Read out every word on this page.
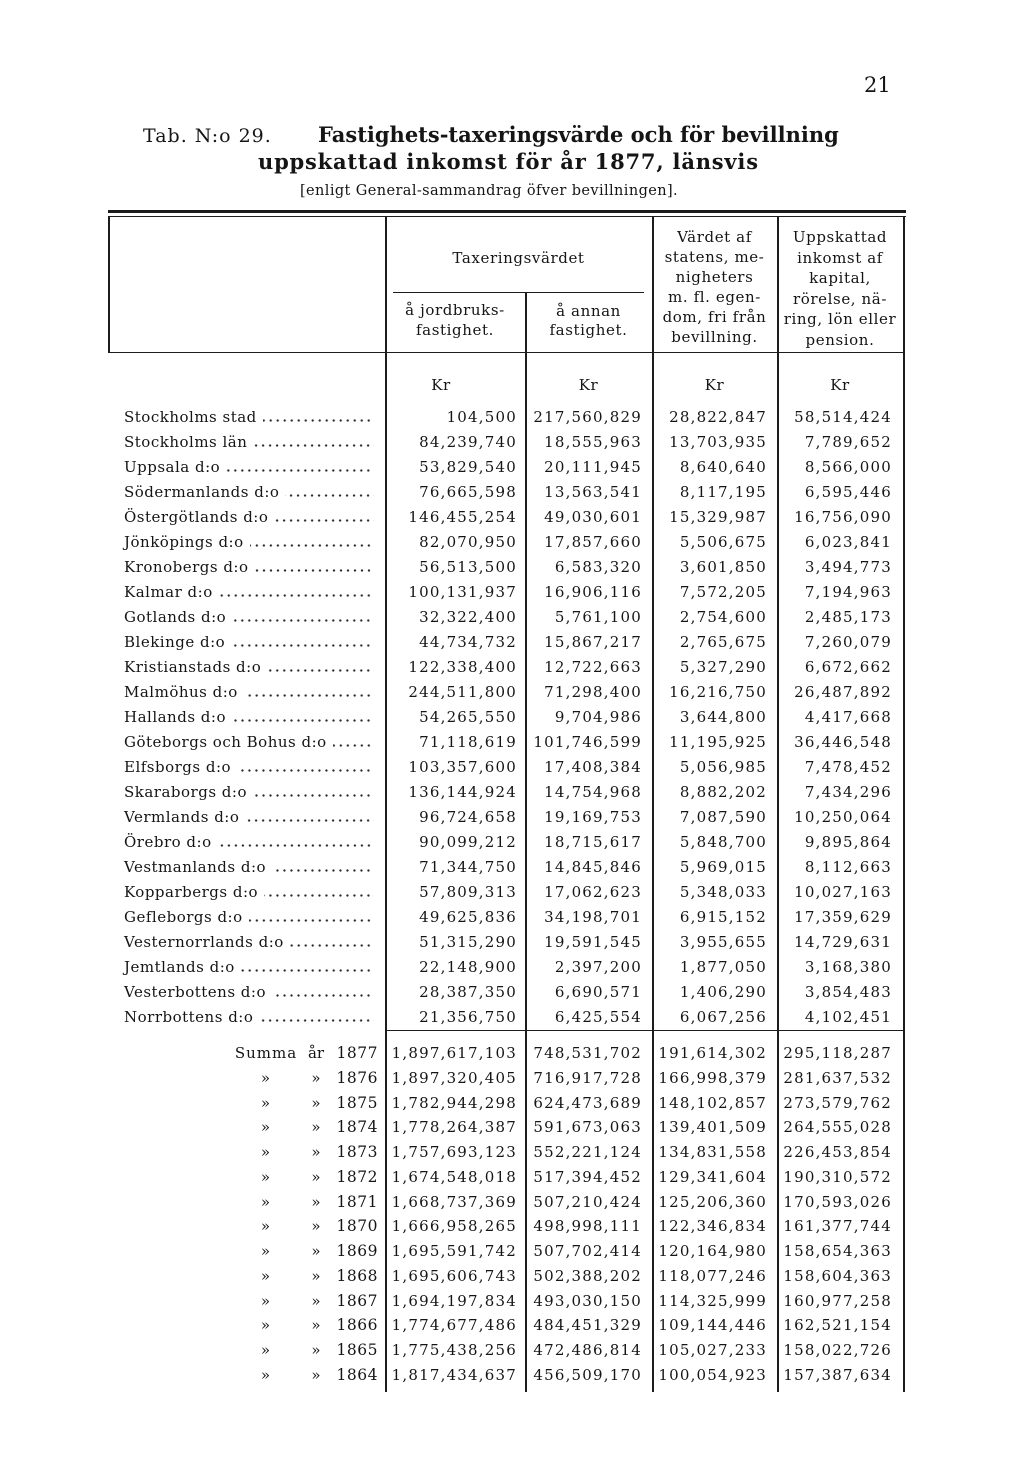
21
Tab. N:o 29. Fastighets-taxeringsvärde och för bevillning
uppskattad inkomst för år 1877, länsvis
[enligt General-sammandrag öfver bevillningen].
Taxeringsvärdet
å jordbruks-
fastighet.
å annan
fastighet.
Värdet af
statens, me-
nigheters
m. fl. egen-
dom, fri från
bevillning.
Uppskattad
inkomst af
kapital,
rörelse, nä-
ring, lön eller
pension.
Kr	Kr	Kr	Kr
Stockholms stad	104,500	217,560,829	28,822,847	58,514,424
Stockholms län	84,239,740	18,555,963	13,703,935	7,789,652
Uppsala d:o	53,829,540	20,111,945	8,640,640	8,566,000
Södermanlands d:o	76,665,598	13,563,541	8,117,195	6,595,446
Östergötlands d:o	146,455,254	49,030,601	15,329,987	16,756,090
Jönköpings d:o	82,070,950	17,857,660	5,506,675	6,023,841
Kronobergs d:o	56,513,500	6,583,320	3,601,850	3,494,773
Kalmar d:o	100,131,937	16,906,116	7,572,205	7,194,963
Gotlands d:o	32,322,400	5,761,100	2,754,600	2,485,173
Blekinge d:o	44,734,732	15,867,217	2,765,675	7,260,079
Kristianstads d:o	122,338,400	12,722,663	5,327,290	6,672,662
Malmöhus d:o	244,511,800	71,298,400	16,216,750	26,487,892
Hallands d:o	54,265,550	9,704,986	3,644,800	4,417,668
Göteborgs och Bohus d:o	71,118,619	101,746,599	11,195,925	36,446,548
Elfsborgs d:o	103,357,600	17,408,384	5,056,985	7,478,452
Skaraborgs d:o	136,144,924	14,754,968	8,882,202	7,434,296
Vermlands d:o	96,724,658	19,169,753	7,087,590	10,250,064
Örebro d:o	90,099,212	18,715,617	5,848,700	9,895,864
Vestmanlands d:o	71,344,750	14,845,846	5,969,015	8,112,663
Kopparbergs d:o	57,809,313	17,062,623	5,348,033	10,027,163
Gefleborgs d:o	49,625,836	34,198,701	6,915,152	17,359,629
Vesternorrlands d:o	51,315,290	19,591,545	3,955,655	14,729,631
Jemtlands d:o	22,148,900	2,397,200	1,877,050	3,168,380
Vesterbottens d:o	28,387,350	6,690,571	1,406,290	3,854,483
Norrbottens d:o	21,356,750	6,425,554	6,067,256	4,102,451
Summa år 1877 1,897,617,103	748,531,702	191,614,302	295,118,287
»	»	1876 1,897,320,405	716,917,728	166,998,379	281,637,532
»	»	1875 1,782,944,298	624,473,689	148,102,857	273,579,762
»	»	1874 1,778,264,387	591,673,063	139,401,509	264,555,028
»	»	1873 1,757,693,123	552,221,124	134,831,558	226,453,854
»	»	1872 1,674,548,018	517,394,452	129,341,604	190,310,572
»	»	1871 1,668,737,369	507,210,424	125,206,360	170,593,026
»	»	1870 1,666,958,265	498,998,111	122,346,834	161,377,744
»	»	1869 1,695,591,742	507,702,414	120,164,980	158,654,363
»	»	1868 1,695,606,743	502,388,202	118,077,246	158,604,363
»	»	1867 1,694,197,834	493,030,150	114,325,999	160,977,258
»	»	1866 1,774,677,486	484,451,329	109,144,446	162,521,154
»	»	1865 1,775,438,256	472,486,814	105,027,233	158,022,726
»	»	1864 1,817,434,637	456,509,170	100,054,923	157,387,634
